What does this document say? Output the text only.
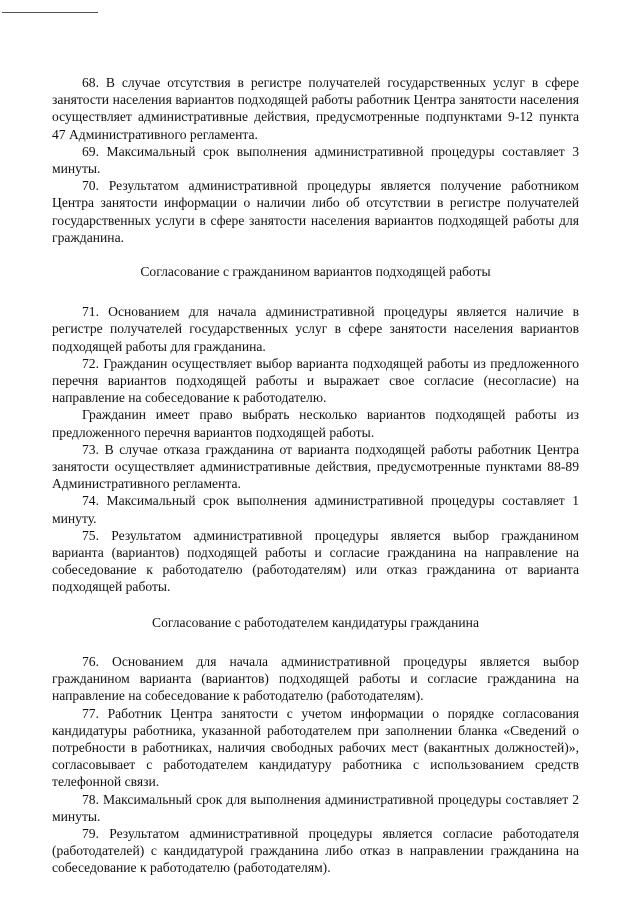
68. В случае отсутствия в регистре получателей государственных услуг в сфере занятости населения вариантов подходящей работы работник Центра занятости населения осуществляет административные действия, предусмотренные подпунктами 9-12 пункта 47 Административного регламента.

69. Максимальный срок выполнения административной процедуры составляет 3 минуты.

70. Результатом административной процедуры является получение работником Центра занятости информации о наличии либо об отсутствии в регистре получателей государственных услуги в сфере занятости населения вариантов подходящей работы для гражданина.

Согласование с гражданином вариантов подходящей работы

71. Основанием для начала административной процедуры является наличие в регистре получателей государственных услуг в сфере занятости населения вариантов подходящей работы для гражданина.

72. Гражданин осуществляет выбор варианта подходящей работы из предложенного перечня вариантов подходящей работы и выражает свое согласие (несогласие) на направление на собеседование к работодателю.

Гражданин имеет право выбрать несколько вариантов подходящей работы из предложенного перечня вариантов подходящей работы.

73. В случае отказа гражданина от варианта подходящей работы работник Центра занятости осуществляет административные действия, предусмотренные пунктами 88-89 Административного регламента.

74. Максимальный срок выполнения административной процедуры составляет 1 минуту.

75. Результатом административной процедуры является выбор гражданином варианта (вариантов) подходящей работы и согласие гражданина на направление на собеседование к работодателю (работодателям) или отказ гражданина от варианта подходящей работы.

Согласование с работодателем кандидатуры гражданина

76. Основанием для начала административной процедуры является выбор гражданином варианта (вариантов) подходящей работы и согласие гражданина на направление на собеседование к работодателю (работодателям).

77. Работник Центра занятости с учетом информации о порядке согласования кандидатуры работника, указанной работодателем при заполнении бланка «Сведений о потребности в работниках, наличия свободных рабочих мест (вакантных должностей)», согласовывает с работодателем кандидатуру работника с использованием средств телефонной связи.

78. Максимальный срок для выполнения административной процедуры составляет 2 минуты.

79. Результатом административной процедуры является согласие работодателя (работодателей) с кандидатурой гражданина либо отказ в направлении гражданина на собеседование к работодателю (работодателям).
